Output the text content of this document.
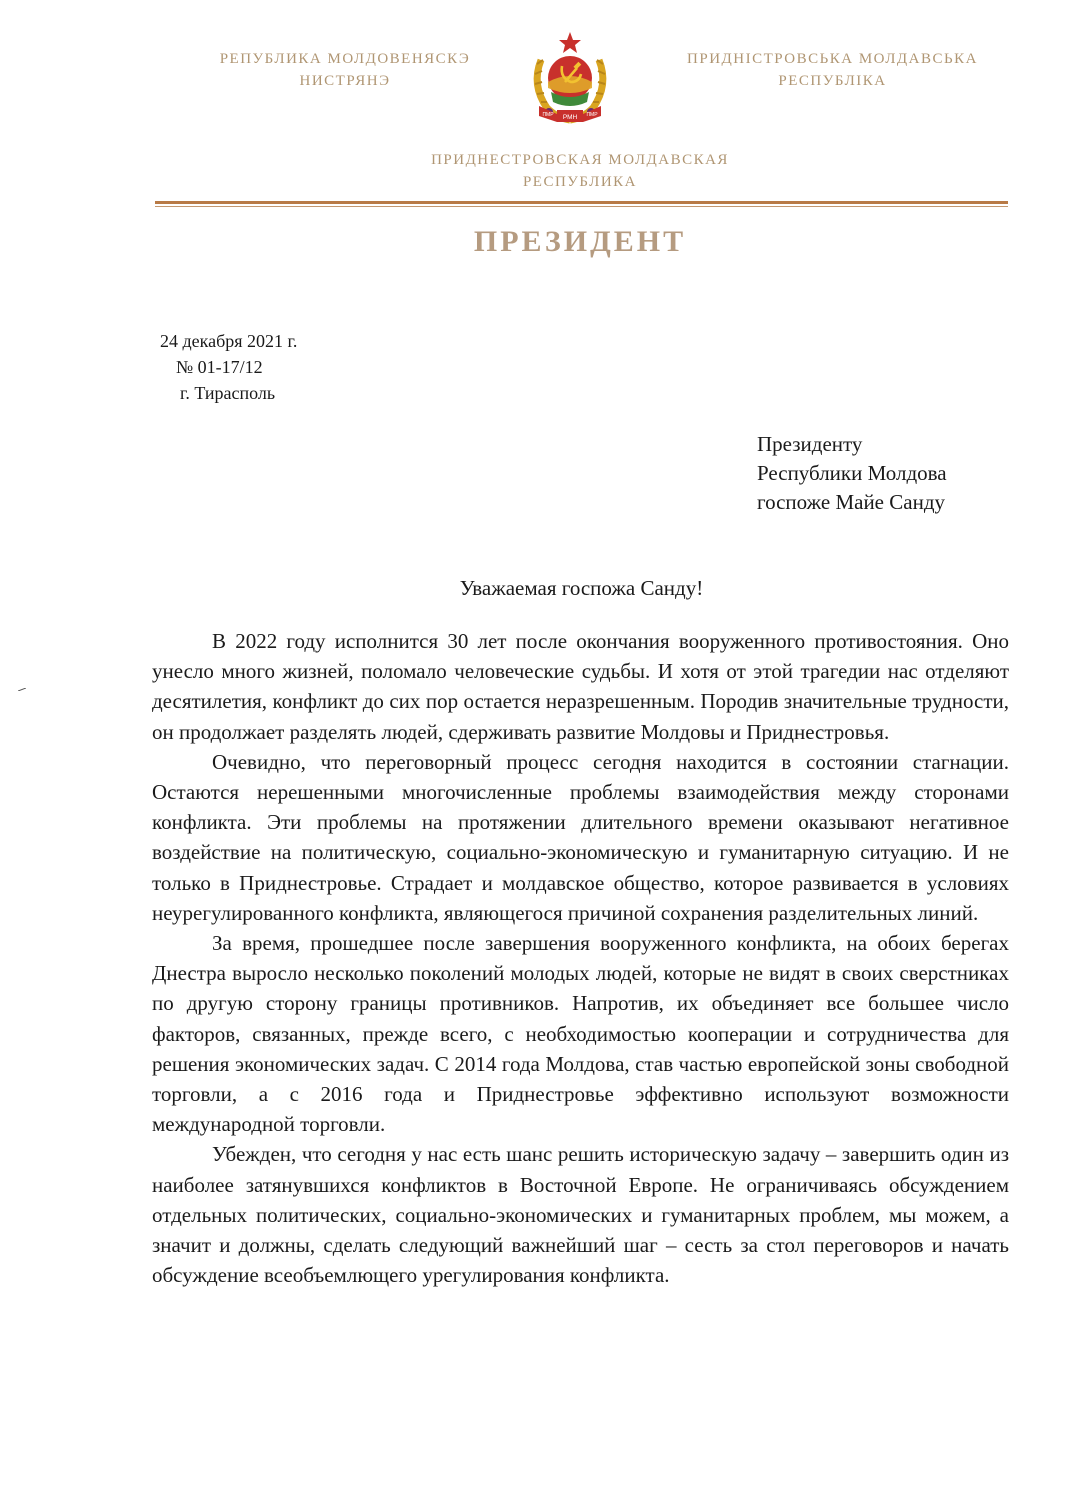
РЕПУБЛИКА МОЛДОВЕНЯСКЭ
НИСТРЯНЭ
ПМР РМН ПМР
ПРИДНІСТРОВСЬКА МОЛДАВСЬКА
РЕСПУБЛІКА
ПРИДНЕСТРОВСКАЯ МОЛДАВСКАЯ
РЕСПУБЛИКА
ПРЕЗИДЕНТ
24 декабря 2021 г.
№ 01-17/12
г. Тирасполь
Президенту
Республики Молдова
госпоже Майе Санду
Уважаемая госпожа Санду!

В 2022 году исполнится 30 лет после окончания вооруженного противостояния. Оно унесло много жизней, поломало человеческие судьбы. И хотя от этой трагедии нас отделяют десятилетия, конфликт до сих пор остается неразрешенным. Породив значительные трудности, он продолжает разделять людей, сдерживать развитие Молдовы и Приднестровья.

Очевидно, что переговорный процесс сегодня находится в состоянии стагнации. Остаются нерешенными многочисленные проблемы взаимодействия между сторонами конфликта. Эти проблемы на протяжении длительного времени оказывают негативное воздействие на политическую, социально-экономическую и гуманитарную ситуацию. И не только в Приднестровье. Страдает и молдавское общество, которое развивается в условиях неурегулированного конфликта, являющегося причиной сохранения разделительных линий.

За время, прошедшее после завершения вооруженного конфликта, на обоих берегах Днестра выросло несколько поколений молодых людей, которые не видят в своих сверстниках по другую сторону границы противников. Напротив, их объединяет все большее число факторов, связанных, прежде всего, с необходимостью кооперации и сотрудничества для решения экономических задач. С 2014 года Молдова, став частью европейской зоны свободной торговли, а с 2016 года и Приднестровье эффективно используют возможности международной торговли.

Убежден, что сегодня у нас есть шанс решить историческую задачу – завершить один из наиболее затянувшихся конфликтов в Восточной Европе. Не ограничиваясь обсуждением отдельных политических, социально-экономических и гуманитарных проблем, мы можем, а значит и должны, сделать следующий важнейший шаг – сесть за стол переговоров и начать обсуждение всеобъемлющего урегулирования конфликта.
